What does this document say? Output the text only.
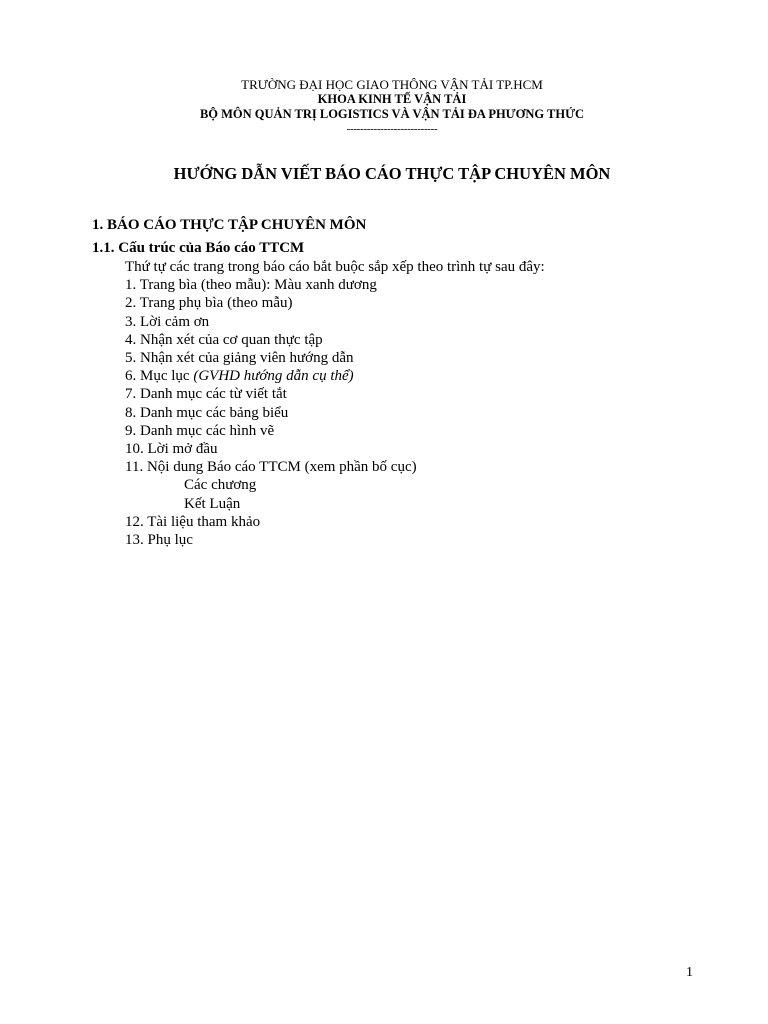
TRƯỜNG ĐẠI HỌC GIAO THÔNG VẬN TẢI TP.HCM
KHOA KINH TẾ VẬN TẢI
BỘ MÔN QUẢN TRỊ LOGISTICS VÀ VẬN TẢI ĐA PHƯƠNG THỨC
---------------------------
HƯỚNG DẪN VIẾT BÁO CÁO THỰC TẬP CHUYÊN MÔN
1. BÁO CÁO THỰC TẬP CHUYÊN MÔN
1.1. Cấu trúc của Báo cáo TTCM
Thứ tự các trang trong báo cáo bắt buộc sắp xếp theo trình tự sau đây:
1. Trang bìa (theo mẫu): Màu xanh dương
2. Trang phụ bìa (theo mẫu)
3. Lời cảm ơn
4. Nhận xét của cơ quan thực tập
5. Nhận xét của giảng viên hướng dẫn
6. Mục lục (GVHD hướng dẫn cụ thể)
7. Danh mục các từ viết tắt
8. Danh mục các bảng biểu
9. Danh mục các hình vẽ
10. Lời mở đầu
11. Nội dung Báo cáo TTCM (xem phần bố cục)
Các chương
Kết Luận
12. Tài liệu tham khảo
13. Phụ lục
1
